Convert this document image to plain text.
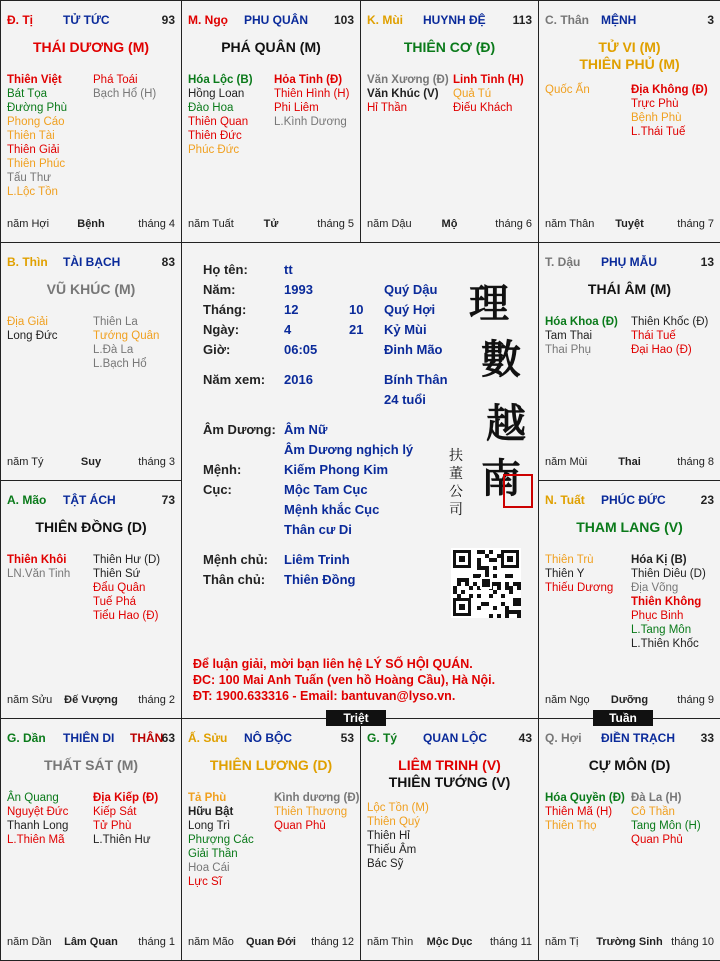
Họ tên:	tt
Năm:	1993	Quý Dậu
Tháng:	12	10 Quý Hợi
Ngày:	4	21 Kỷ Mùi
Giờ:	06:05	Đinh Mão
Năm xem: 2016	Bính Thân
24 tuổi
Âm Dương: Âm Nữ
Âm Dương nghịch lý
Mệnh:	Kiếm Phong Kim
Cục:	Mộc Tam Cục
Mệnh khắc Cục
Thân cư Di
Mệnh chủ: Liêm Trinh
Thân chủ: Thiên Đồng
理
數
越
南
扶 董 公 司
Để luận giải, mời bạn liên hệ LÝ SỐ HỘI QUÁN.
ĐC: 100 Mai Anh Tuấn (ven hồ Hoàng Cầu), Hà Nội.
ĐT: 1900.633316 - Email: bantuvan@lyso.vn.
Đ. Tị	TỬ TỨC	93
THÁI DƯƠNG (M)
Thiên Việt
Bát Tọa
Đường Phù
Phong Cáo
Thiên Tài
Thiên Giải
Thiên Phúc
Tấu Thư
L.Lộc Tồn
Phá Toái
Bạch Hổ (H)
năm Hợi	Bệnh	tháng 4
M. Ngọ PHU QUÂN 103
PHÁ QUÂN (M)
Hóa Lộc (B)
Hồng Loan
Đào Hoa
Thiên Quan
Thiên Đức
Phúc Đức
Hỏa Tinh (Đ)
Thiên Hình (H)
Phi Liêm
L.Kình Dương
năm Tuất	Tử	tháng 5
K. Mùi HUYNH ĐỆ 113
THIÊN CƠ (Đ)
Văn Xương (Đ)
Văn Khúc (V)
Hỉ Thần
Linh Tinh (H)
Quả Tú
Điếu Khách
năm Dậu	Mộ	tháng 6
C. Thân MỆNH	3
TỬ VI (M)
THIÊN PHỦ (M)
Quốc Ấn	Địa Không (Đ)
Trực Phù
Bệnh Phù
L.Thái Tuế
năm Thân	Tuyệt	tháng 7
B. Thìn TÀI BẠCH	83
VŨ KHÚC (M)
Địa Giải
Long Đức
Thiên La
Tướng Quân
L.Đà La
L.Bạch Hổ
năm Tý	Suy	tháng 3
T. Dậu PHỤ MẪU	13
THÁI ÂM (M)
Hóa Khoa (Đ)
Tam Thai
Thai Phụ
Thiên Khốc (Đ)
Thái Tuế
Đại Hao (Đ)
năm Mùi	Thai	tháng 8
A. Mão TẬT ÁCH	73
THIÊN ĐỒNG (D)
Thiên Khôi
LN.Văn Tinh
Thiên Hư (D)
Thiên Sứ
Đẩu Quân
Tuế Phá
Tiểu Hao (Đ)
năm Sửu	Đế Vượng	tháng 2
N. Tuất PHÚC ĐỨC	23
THAM LANG (V)
Thiên Trù
Thiên Y
Thiếu Dương
Hóa Kị (B)
Thiên Diêu (D)
Địa Võng
Thiên Không
Phục Binh
L.Tang Môn
L.Thiên Khốc
năm Ngọ	Dưỡng	tháng 9
G. Dần THIÊN DI THÂN
63
THẤT SÁT (M)
Ân Quang
Nguyệt Đức
Thanh Long
L.Thiên Mã
Địa Kiếp (Đ)
Kiếp Sát
Tử Phù
L.Thiên Hư
năm Dần	Lâm Quan	tháng 1
Ấ. Sửu NÔ BỘC	53
THIÊN LƯƠNG (D)
Tả Phù
Hữu Bật
Long Trì
Phượng Các
Giải Thần
Hoa Cái
Lực Sĩ
Kình dương (Đ)
Thiên Thương
Quan Phủ
năm Mão	Quan Đới	tháng 12
G. Tý QUAN LỘC	43
LIÊM TRINH (V)
THIÊN TƯỚNG (V)
Lộc Tồn (M)
Thiên Quý
Thiên Hỉ
Thiếu Âm
Bác Sỹ
năm Thìn	Mộc Dục	tháng 11
Q. Hợi ĐIỀN TRẠCH 33
CỰ MÔN (D)
Hóa Quyền (Đ)
Thiên Mã (H)
Thiên Thọ
Đà La (H)
Cô Thần
Tang Môn (H)
Quan Phủ
năm Tị	Trường Sinh tháng 10
Triệt	Tuần
